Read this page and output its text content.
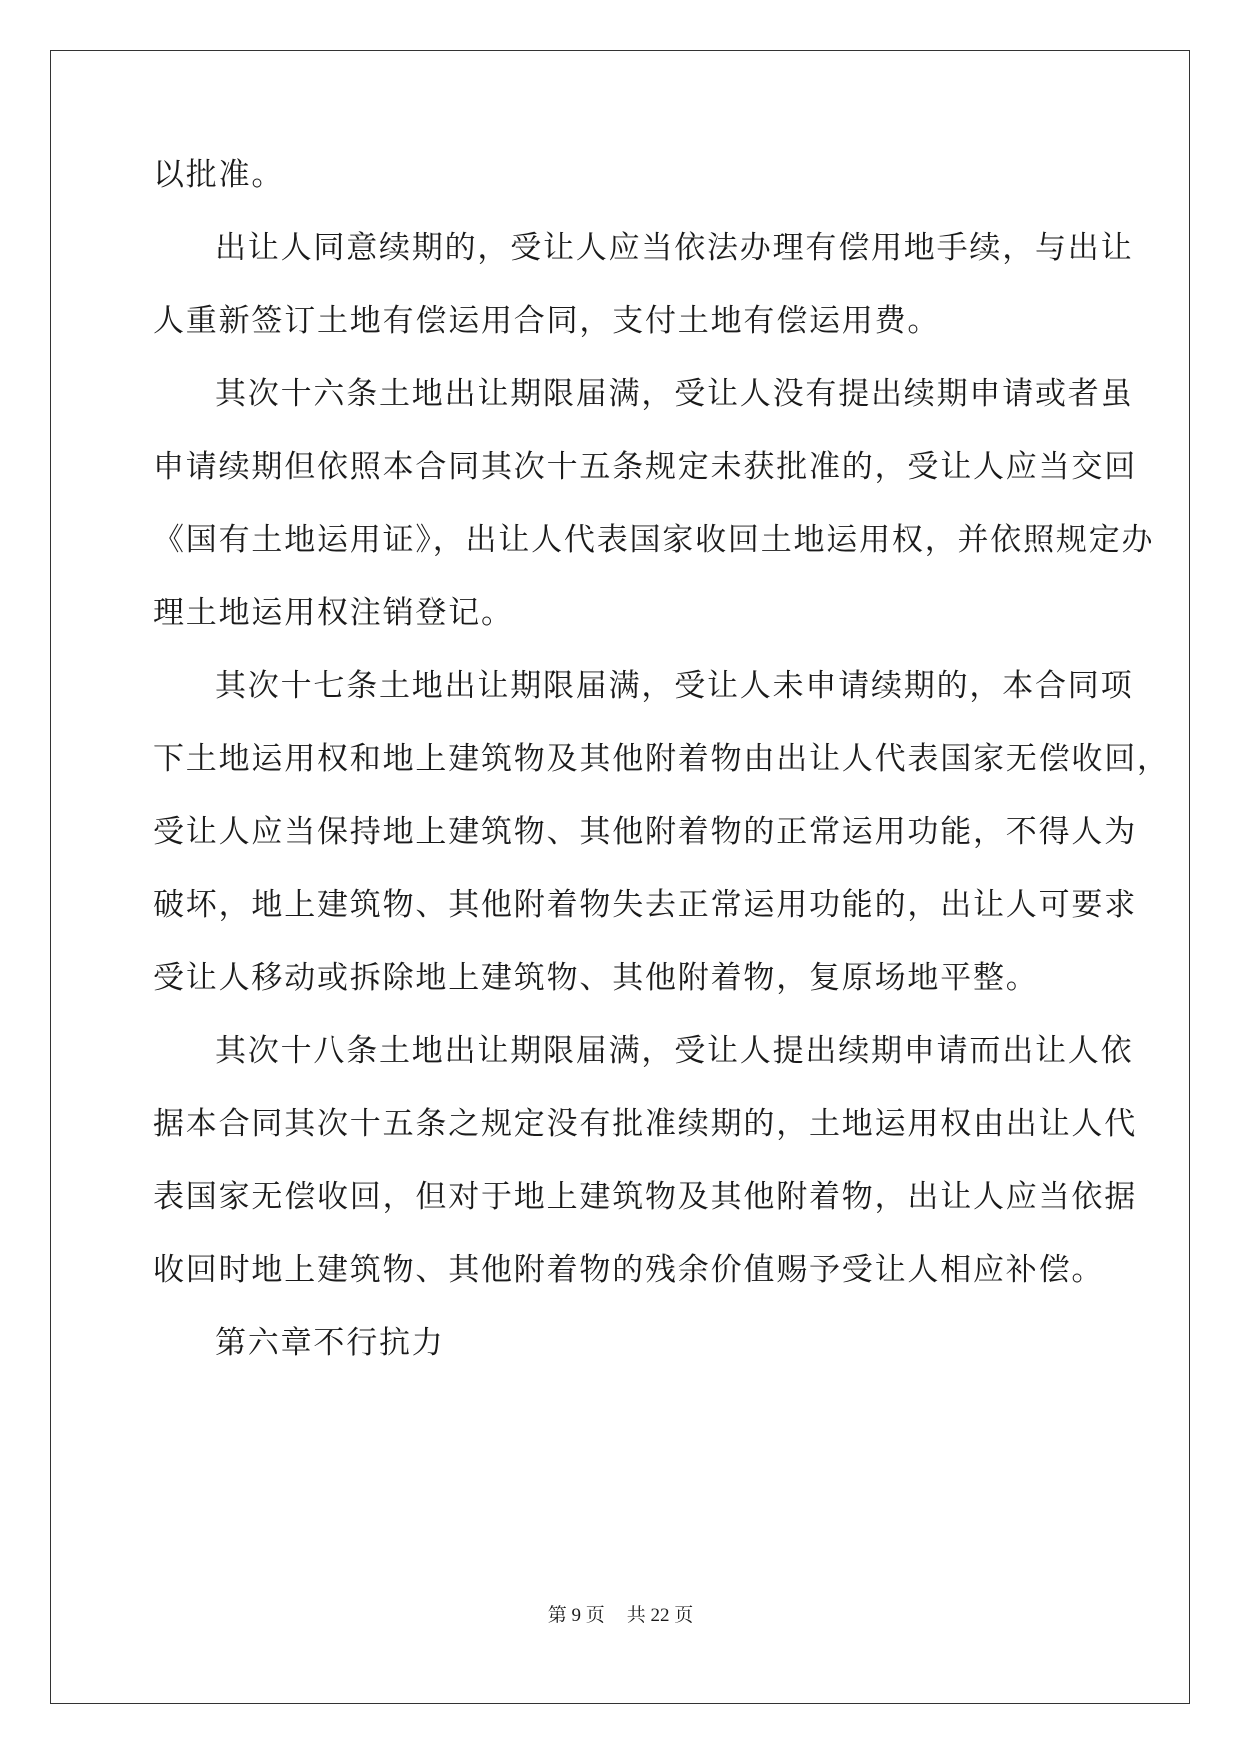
以批准。
出让人同意续期的，受让人应当依法办理有偿用地手续，与出让
人重新签订土地有偿运用合同，支付土地有偿运用费。
其次十六条土地出让期限届满，受让人没有提出续期申请或者虽
申请续期但依照本合同其次十五条规定未获批准的，受让人应当交回
《国有土地运用证》，出让人代表国家收回土地运用权，并依照规定办
理土地运用权注销登记。
其次十七条土地出让期限届满，受让人未申请续期的，本合同项
下土地运用权和地上建筑物及其他附着物由出让人代表国家无偿收回，
受让人应当保持地上建筑物、其他附着物的正常运用功能，不得人为
破坏，地上建筑物、其他附着物失去正常运用功能的，出让人可要求
受让人移动或拆除地上建筑物、其他附着物，复原场地平整。
其次十八条土地出让期限届满，受让人提出续期申请而出让人依
据本合同其次十五条之规定没有批准续期的，土地运用权由出让人代
表国家无偿收回，但对于地上建筑物及其他附着物，出让人应当依据
收回时地上建筑物、其他附着物的残余价值赐予受让人相应补偿。
第六章不行抗力
第 9 页 共 22 页
